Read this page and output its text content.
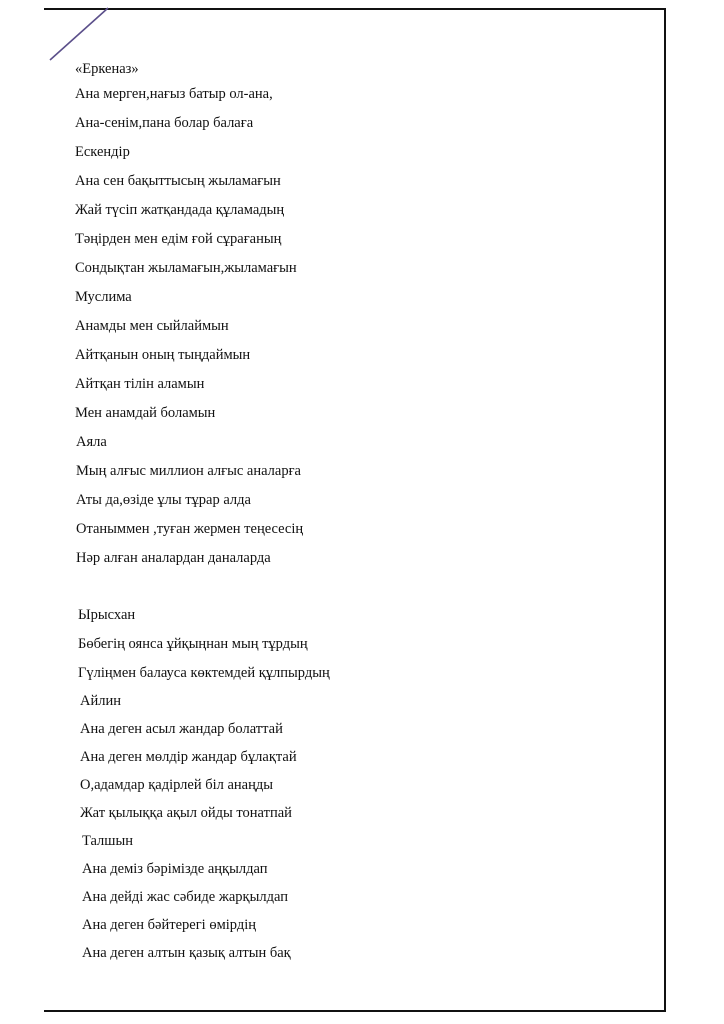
«Еркеназ»
Ана мерген,нағыз батыр ол-ана,
Ана-сенім,пана болар балаға
Ескендір
Ана сен бақыттысың жыламағын
Жай түсіп жатқандада құламадың
Тәңірден мен едім ғой сұрағаның
Сондықтан жыламағын,жыламағын
Муслима
Анамды мен сыйлаймын
Айтқанын оның тыңдаймын
Айтқан тілін аламын
Мен анамдай боламын
Аяла
Мың алғыс миллион алғыс аналарға
Аты да,өзіде ұлы тұрар алда
Отаныммен ,туған жермен теңесесің
Нәр алған аналардан даналарда
Ырысхан
Бөбегің оянса ұйқыңнан мың тұрдың
Гүліңмен балауса көктемдей құлпырдың
Айлин
Ана деген асыл жандар болаттай
Ана деген мөлдір жандар бұлақтай
О,адамдар қадірлей біл анаңды
Жат қылыққа ақыл ойды тонатпай
Талшын
Ана деміз бәрімізде аңқылдап
Ана дейді жас сәбиде жарқылдап
Ана деген бәйтерегі өмірдің
Ана деген алтын қазық алтын бақ
